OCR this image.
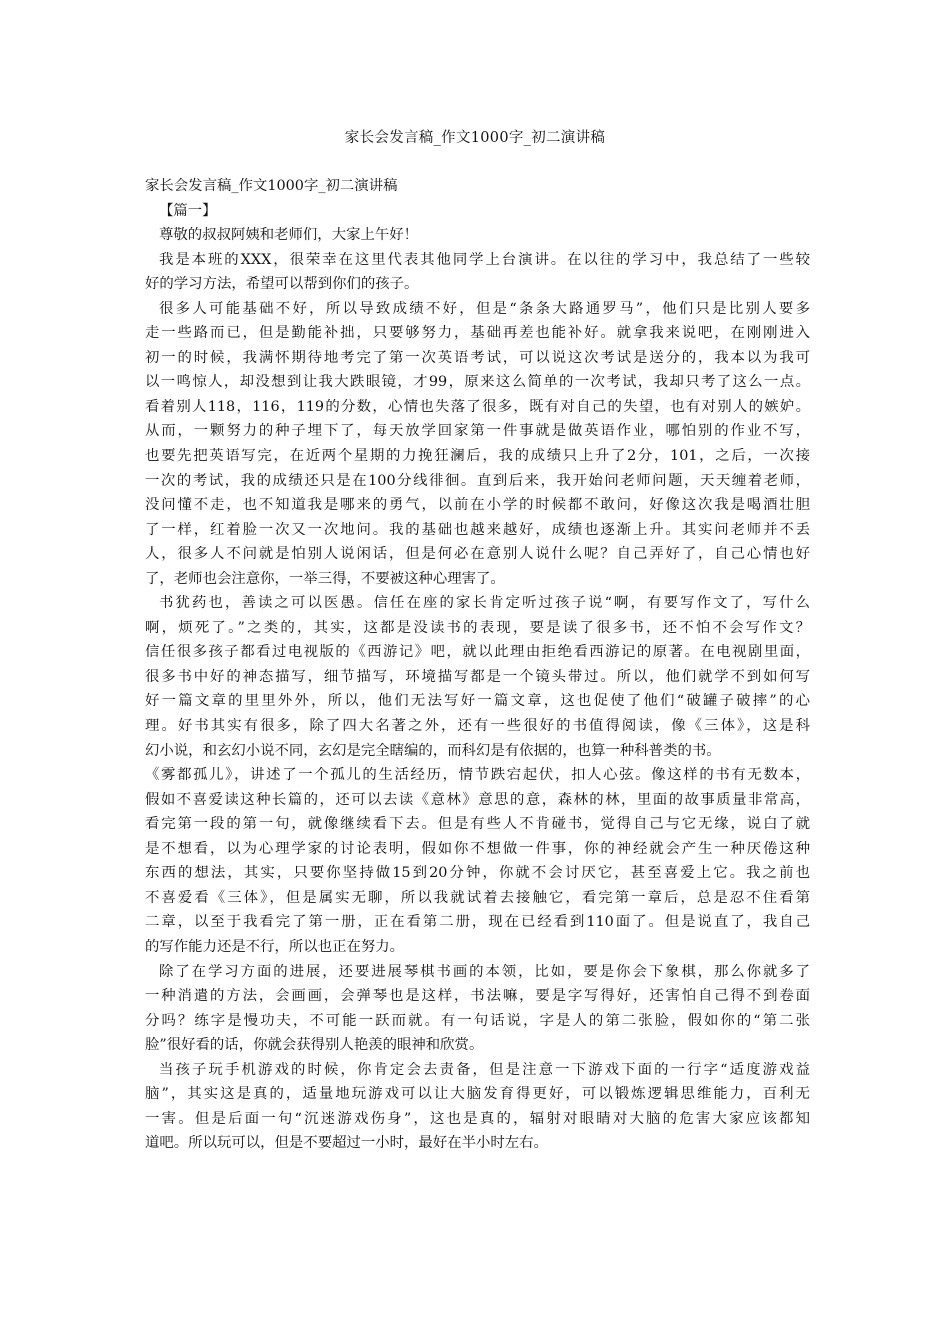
家长会发言稿_作文1000字_初二演讲稿
家长会发言稿_作文1000字_初二演讲稿
【篇一】
尊敬的叔叔阿姨和老师们，大家上午好！
我是本班的XXX，很荣幸在这里代表其他同学上台演讲。在以往的学习中，我总结了一些较
好的学习方法，希望可以帮到你们的孩子。
很多人可能基础不好，所以导致成绩不好，但是“条条大路通罗马”，他们只是比别人要多
走一些路而已，但是勤能补拙，只要够努力，基础再差也能补好。就拿我来说吧，在刚刚进入
初一的时候，我满怀期待地考完了第一次英语考试，可以说这次考试是送分的，我本以为我可
以一鸣惊人，却没想到让我大跌眼镜，才99，原来这么简单的一次考试，我却只考了这么一点。
看着别人118，116，119的分数，心情也失落了很多，既有对自己的失望，也有对别人的嫉妒。
从而，一颗努力的种子埋下了，每天放学回家第一件事就是做英语作业，哪怕别的作业不写，
也要先把英语写完，在近两个星期的力挽狂澜后，我的成绩只上升了2分，101，之后，一次接
一次的考试，我的成绩还只是在100分线徘徊。直到后来，我开始问老师问题，天天缠着老师，
没问懂不走，也不知道我是哪来的勇气，以前在小学的时候都不敢问，好像这次我是喝酒壮胆
了一样，红着脸一次又一次地问。我的基础也越来越好，成绩也逐渐上升。其实问老师并不丢
人，很多人不问就是怕别人说闲话，但是何必在意别人说什么呢？自己弄好了，自己心情也好
了，老师也会注意你，一举三得，不要被这种心理害了。
书犹药也，善读之可以医愚。信任在座的家长肯定听过孩子说“啊，有要写作文了，写什么
啊，烦死了。”之类的，其实，这都是没读书的表现，要是读了很多书，还不怕不会写作文？
信任很多孩子都看过电视版的《西游记》吧，就以此理由拒绝看西游记的原著。在电视剧里面，
很多书中好的神态描写，细节描写，环境描写都是一个镜头带过。所以，他们就学不到如何写
好一篇文章的里里外外，所以，他们无法写好一篇文章，这也促使了他们“破罐子破摔”的心
理。好书其实有很多，除了四大名著之外，还有一些很好的书值得阅读，像《三体》，这是科
幻小说，和玄幻小说不同，玄幻是完全瞎编的，而科幻是有依据的，也算一种科普类的书。
《雾都孤儿》，讲述了一个孤儿的生活经历，情节跌宕起伏，扣人心弦。像这样的书有无数本，
假如不喜爱读这种长篇的，还可以去读《意林》意思的意，森林的林，里面的故事质量非常高，
看完第一段的第一句，就像继续看下去。但是有些人不肯碰书，觉得自己与它无缘，说白了就
是不想看，以为心理学家的讨论表明，假如你不想做一件事，你的神经就会产生一种厌倦这种
东西的想法，其实，只要你坚持做15到20分钟，你就不会讨厌它，甚至喜爱上它。我之前也
不喜爱看《三体》，但是属实无聊，所以我就试着去接触它，看完第一章后，总是忍不住看第
二章，以至于我看完了第一册，正在看第二册，现在已经看到110面了。但是说直了，我自己
的写作能力还是不行，所以也正在努力。
除了在学习方面的进展，还要进展琴棋书画的本领，比如，要是你会下象棋，那么你就多了
一种消遣的方法，会画画，会弹琴也是这样，书法嘛，要是字写得好，还害怕自己得不到卷面
分吗？练字是慢功夫，不可能一跃而就。有一句话说，字是人的第二张脸，假如你的“第二张
脸”很好看的话，你就会获得别人艳羡的眼神和欣赏。
当孩子玩手机游戏的时候，你肯定会去责备，但是注意一下游戏下面的一行字“适度游戏益
脑”，其实这是真的，适量地玩游戏可以让大脑发育得更好，可以锻炼逻辑思维能力，百利无
一害。但是后面一句“沉迷游戏伤身”，这也是真的，辐射对眼睛对大脑的危害大家应该都知
道吧。所以玩可以，但是不要超过一小时，最好在半小时左右。
